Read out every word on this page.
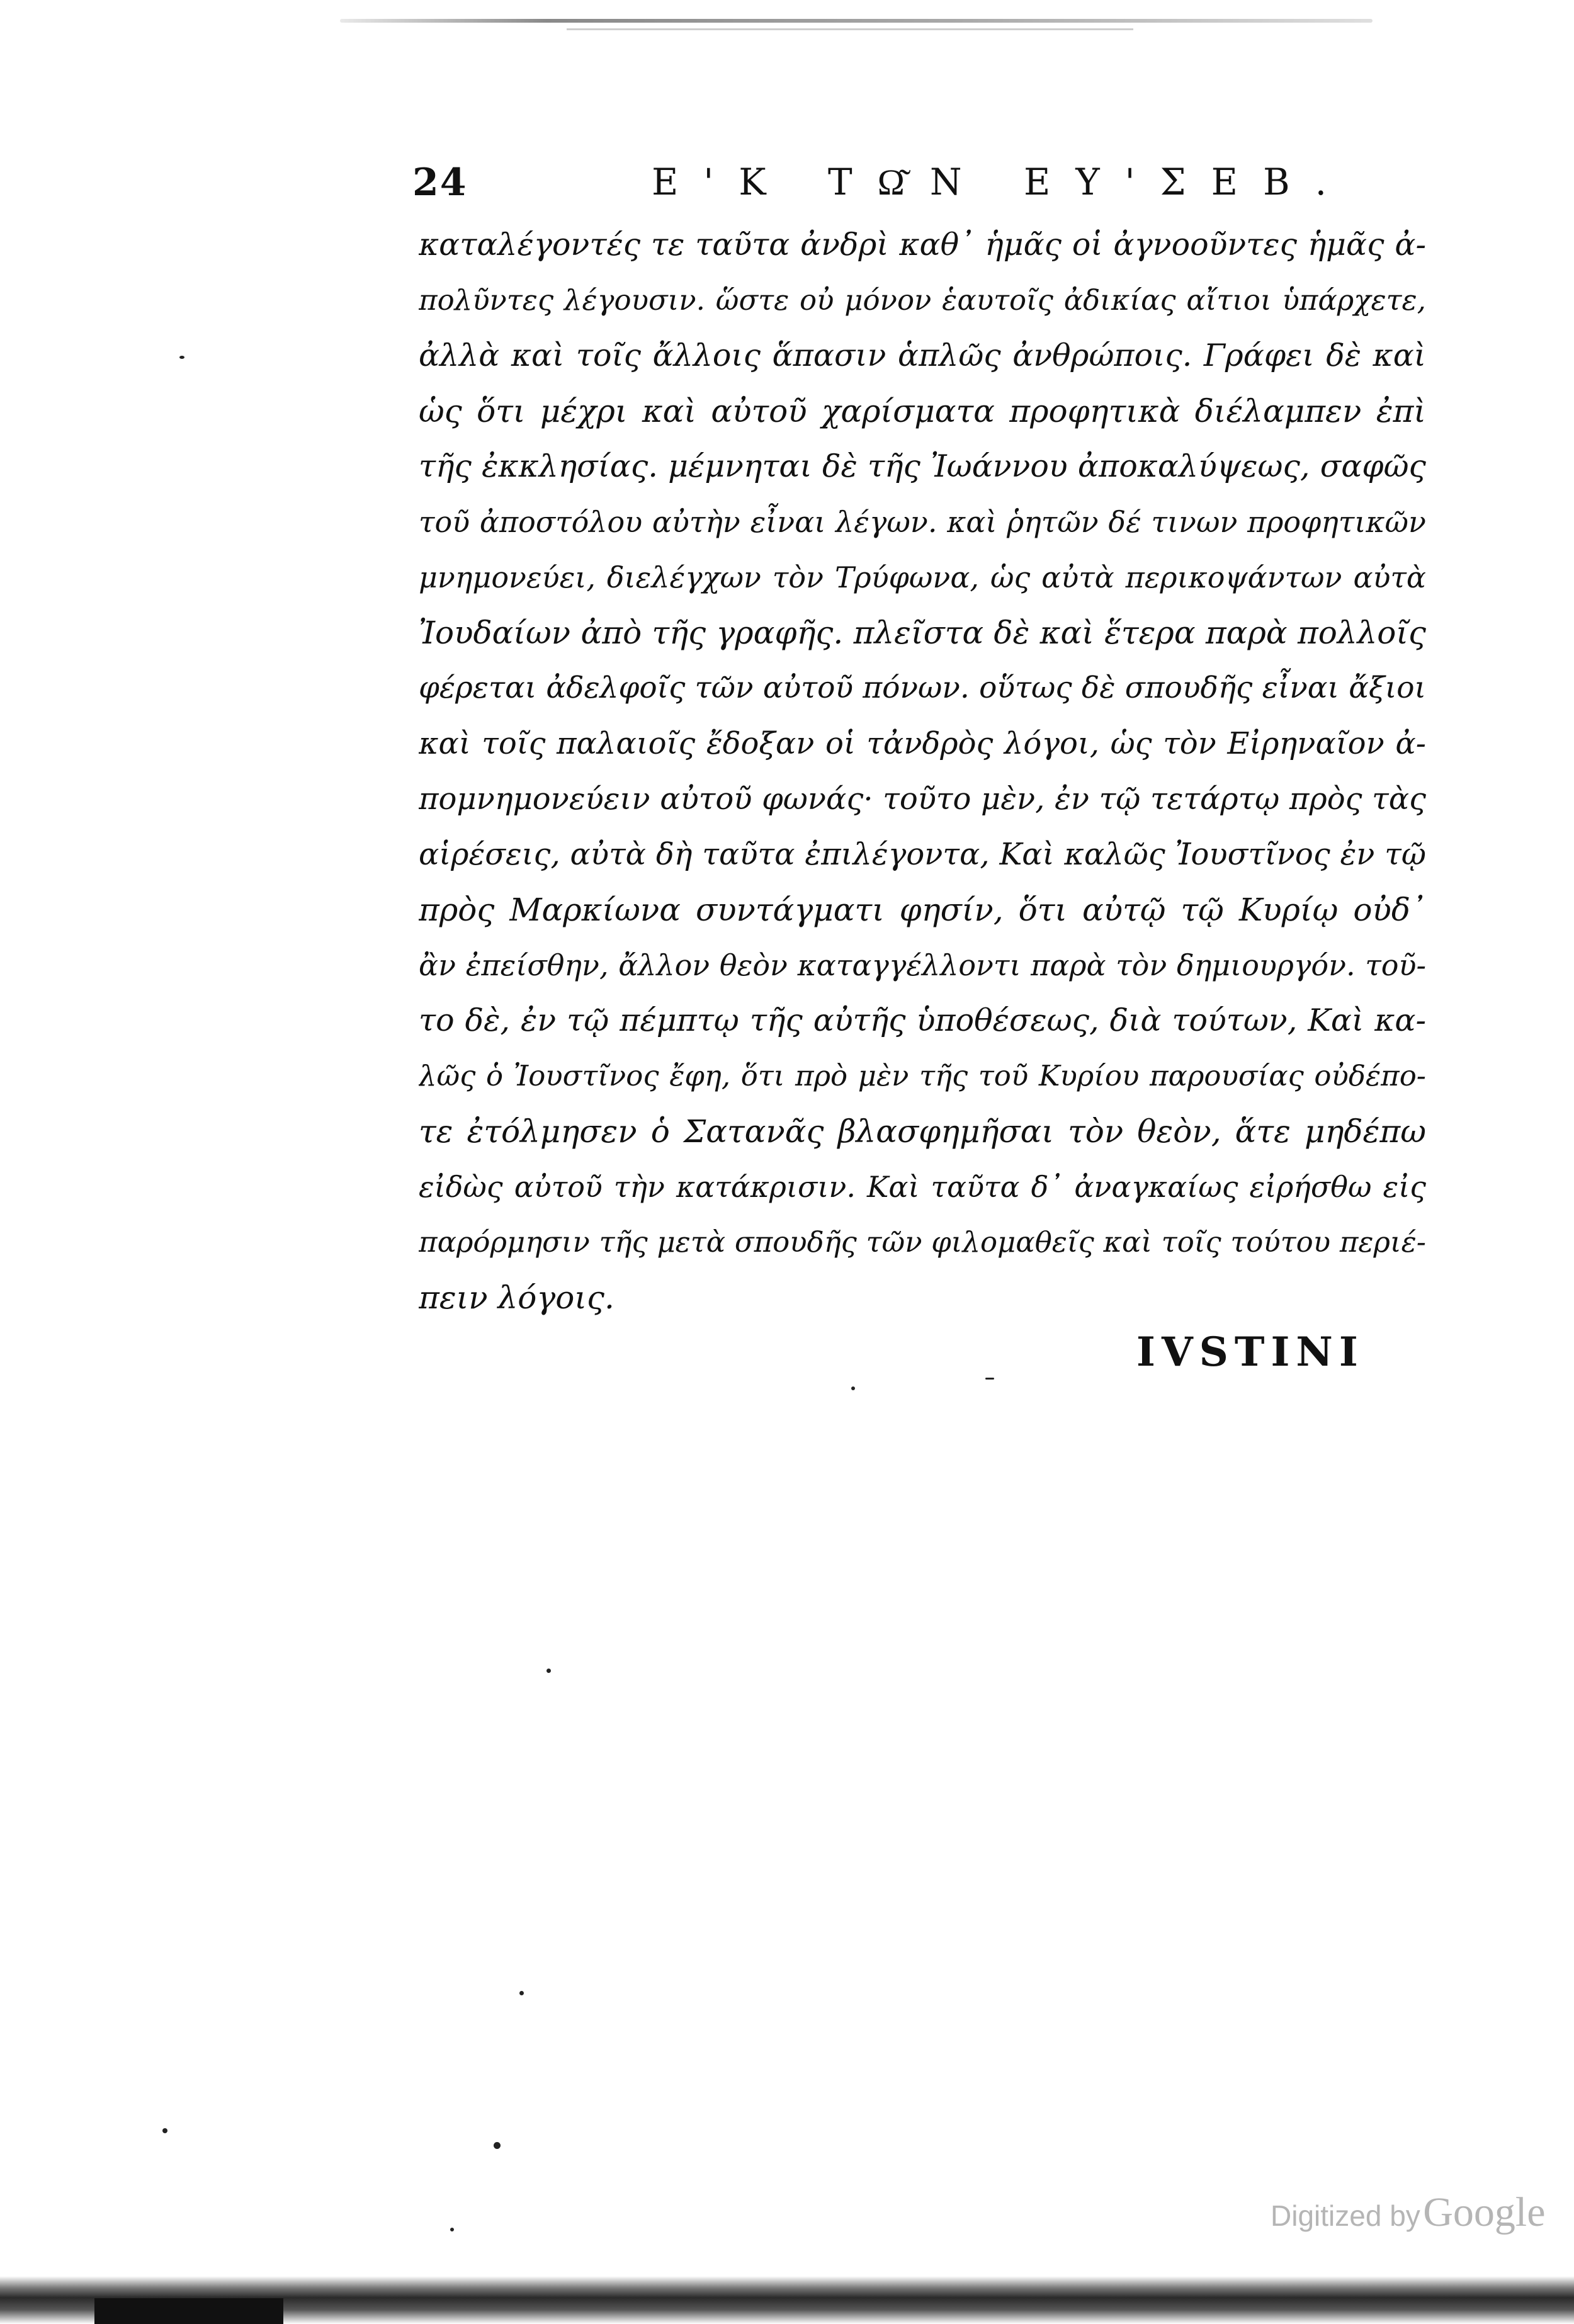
24	Ε'Κ ΤΩ͂Ν ΕΥ'ΣΕΒ.
καταλέγοντές τε ταῦτα ἀνδρὶ καθ᾿ ἡμᾶς οἱ ἀγνοοῦντες ἡμᾶς ἀ-
πολῦντες λέγουσιν. ὥστε οὐ μόνον ἑαυτοῖς ἀδικίας αἴτιοι ὑπάρχετε,
ἀλλὰ καὶ τοῖς ἄλλοις ἅπασιν ἁπλῶς ἀνθρώποις. Γράφει δὲ καὶ
ὡς ὅτι μέχρι καὶ αὐτοῦ χαρίσματα προφητικὰ διέλαμπεν ἐπὶ
τῆς ἐκκλησίας. μέμνηται δὲ τῆς Ἰωάννου ἀποκαλύψεως, σαφῶς
τοῦ ἀποστόλου αὐτὴν εἶναι λέγων. καὶ ῥητῶν δέ τινων προφητικῶν
μνημονεύει, διελέγχων τὸν Τρύφωνα, ὡς αὐτὰ περικοψάντων αὐτὰ
Ἰουδαίων ἀπὸ τῆς γραφῆς. πλεῖστα δὲ καὶ ἕτερα παρὰ πολλοῖς
φέρεται ἀδελφοῖς τῶν αὐτοῦ πόνων. οὕτως δὲ σπουδῆς εἶναι ἄξιοι
καὶ τοῖς παλαιοῖς ἔδοξαν οἱ τἀνδρὸς λόγοι, ὡς τὸν Εἰρηναῖον ἀ-
πομνημονεύειν αὐτοῦ φωνάς· τοῦτο μὲν, ἐν τῷ τετάρτῳ πρὸς τὰς
αἱρέσεις, αὐτὰ δὴ ταῦτα ἐπιλέγοντα, Καὶ καλῶς Ἰουστῖνος ἐν τῷ
πρὸς Μαρκίωνα συντάγματι φησίν, ὅτι αὐτῷ τῷ Κυρίῳ οὐδ᾿
ἂν ἐπείσθην, ἄλλον θεὸν καταγγέλλοντι παρὰ τὸν δημιουργόν. τοῦ-
το δὲ, ἐν τῷ πέμπτῳ τῆς αὐτῆς ὑποθέσεως, διὰ τούτων, Καὶ κα-
λῶς ὁ Ἰουστῖνος ἔφη, ὅτι πρὸ μὲν τῆς τοῦ Κυρίου παρουσίας οὐδέπο-
τε ἐτόλμησεν ὁ Σατανᾶς βλασφημῆσαι τὸν θεὸν, ἅτε μηδέπω
εἰδὼς αὐτοῦ τὴν κατάκρισιν. Καὶ ταῦτα δ᾿ ἀναγκαίως εἰρήσθω εἰς
παρόρμησιν τῆς μετὰ σπουδῆς τῶν φιλομαθεῖς καὶ τοῖς τούτου περιέ-
πειν λόγοις.
IVSTINI
Digitized by Google
